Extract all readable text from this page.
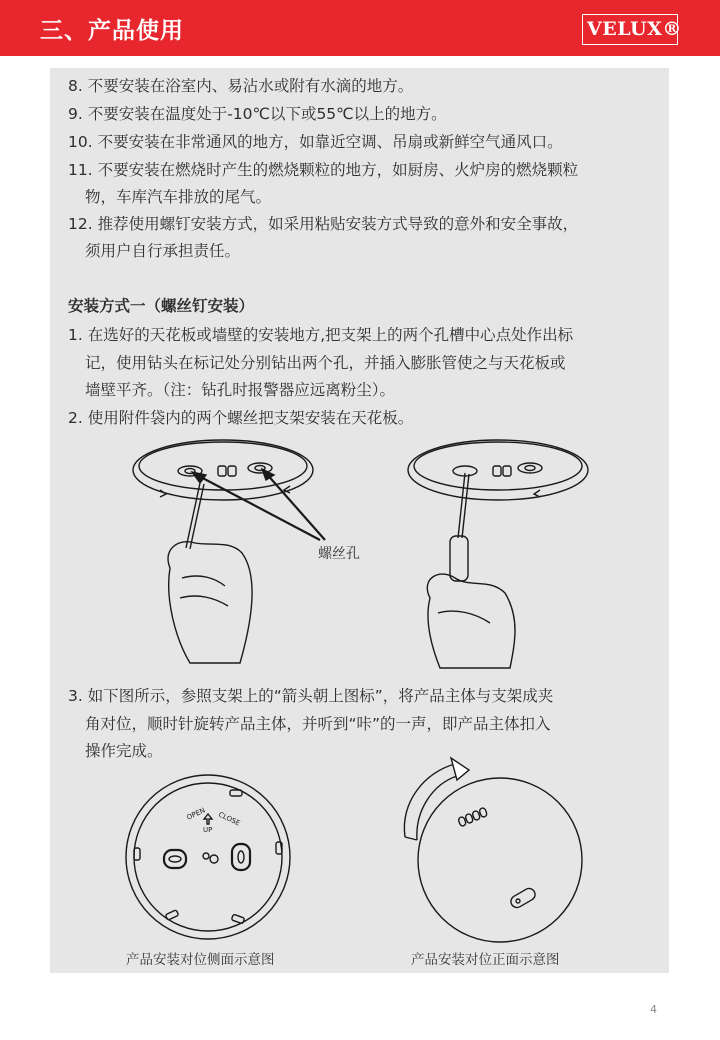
三、产品使用	VELUX®
8. 不要安装在浴室内、易沾水或附有水滴的地方。
9. 不要安装在温度处于-10℃以下或55℃以上的地方。
10. 不要安装在非常通风的地方，如靠近空调、吊扇或新鲜空气通风口。
11. 不要安装在燃烧时产生的燃烧颗粒的地方，如厨房、火炉房的燃烧颗粒
物，车库汽车排放的尾气。
12. 推荐使用螺钉安装方式，如采用粘贴安装方式导致的意外和安全事故，
须用户自行承担责任。
安装方式一（螺丝钉安装）
1. 在选好的天花板或墙壁的安装地方,把支架上的两个孔槽中心点处作出标
记，使用钻头在标记处分别钻出两个孔，并插入膨胀管使之与天花板或
墙壁平齐。（注：钻孔时报警器应远离粉尘）。
2. 使用附件袋内的两个螺丝把支架安装在天花板。
螺丝孔
3. 如下图所示，参照支架上的“箭头朝上图标”，将产品主体与支架成夹
角对位，顺时针旋转产品主体，并听到“咔”的一声，即产品主体扣入
操作完成。
OPEN
UP
CLOSE
产品安装对位侧面示意图	产品安装对位正面示意图
4
